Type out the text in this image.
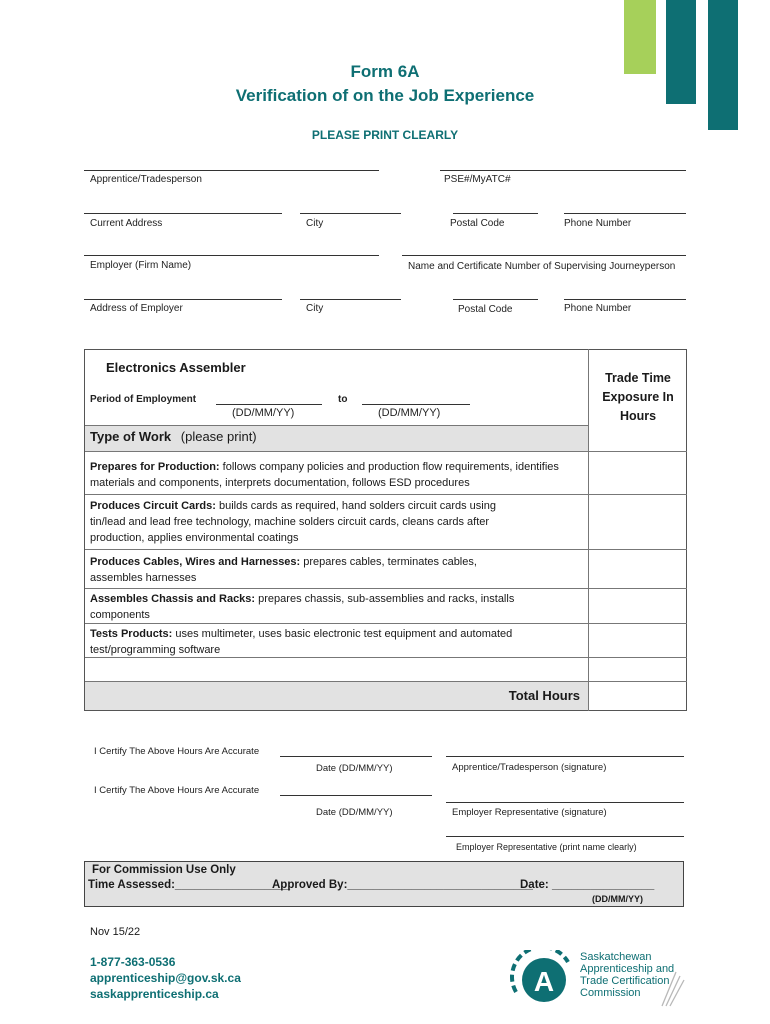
Form 6A
Verification of on the Job Experience
PLEASE PRINT CLEARLY
Apprentice/Tradesperson	PSE#/MyATC#
Current Address	City	Postal Code	Phone Number
Employer (Firm Name)	Name and Certificate Number of Supervising Journeyperson
Address of Employer	City	Postal Code	Phone Number
Electronics Assembler
Period of Employment	to
(DD/MM/YY)	(DD/MM/YY)
Trade Time Exposure In Hours
Type of Work (please print)
Prepares for Production: follows company policies and production flow requirements, identifies materials and components, interprets documentation, follows ESD procedures
Produces Circuit Cards: builds cards as required, hand solders circuit cards using tin/lead and lead free technology, machine solders circuit cards, cleans cards after production, applies environmental coatings
Produces Cables, Wires and Harnesses: prepares cables, terminates cables, assembles harnesses
Assembles Chassis and Racks: prepares chassis, sub-assemblies and racks, installs components
Tests Products: uses multimeter, uses basic electronic test equipment and automated test/programming software
Total Hours
I Certify The Above Hours Are Accurate
Date (DD/MM/YY)	Apprentice/Tradesperson (signature)
I Certify The Above Hours Are Accurate
Date (DD/MM/YY)	Employer Representative (signature)
Employer Representative (print name clearly)
For Commission Use Only
Time Assessed:__________________
Approved By:_____________________________
Date: ________________
(DD/MM/YY)
Nov 15/22
1-877-363-0536
apprenticeship@gov.sk.ca
saskapprenticeship.ca	A
Saskatchewan
Apprenticeship and
Trade Certification
Commission
